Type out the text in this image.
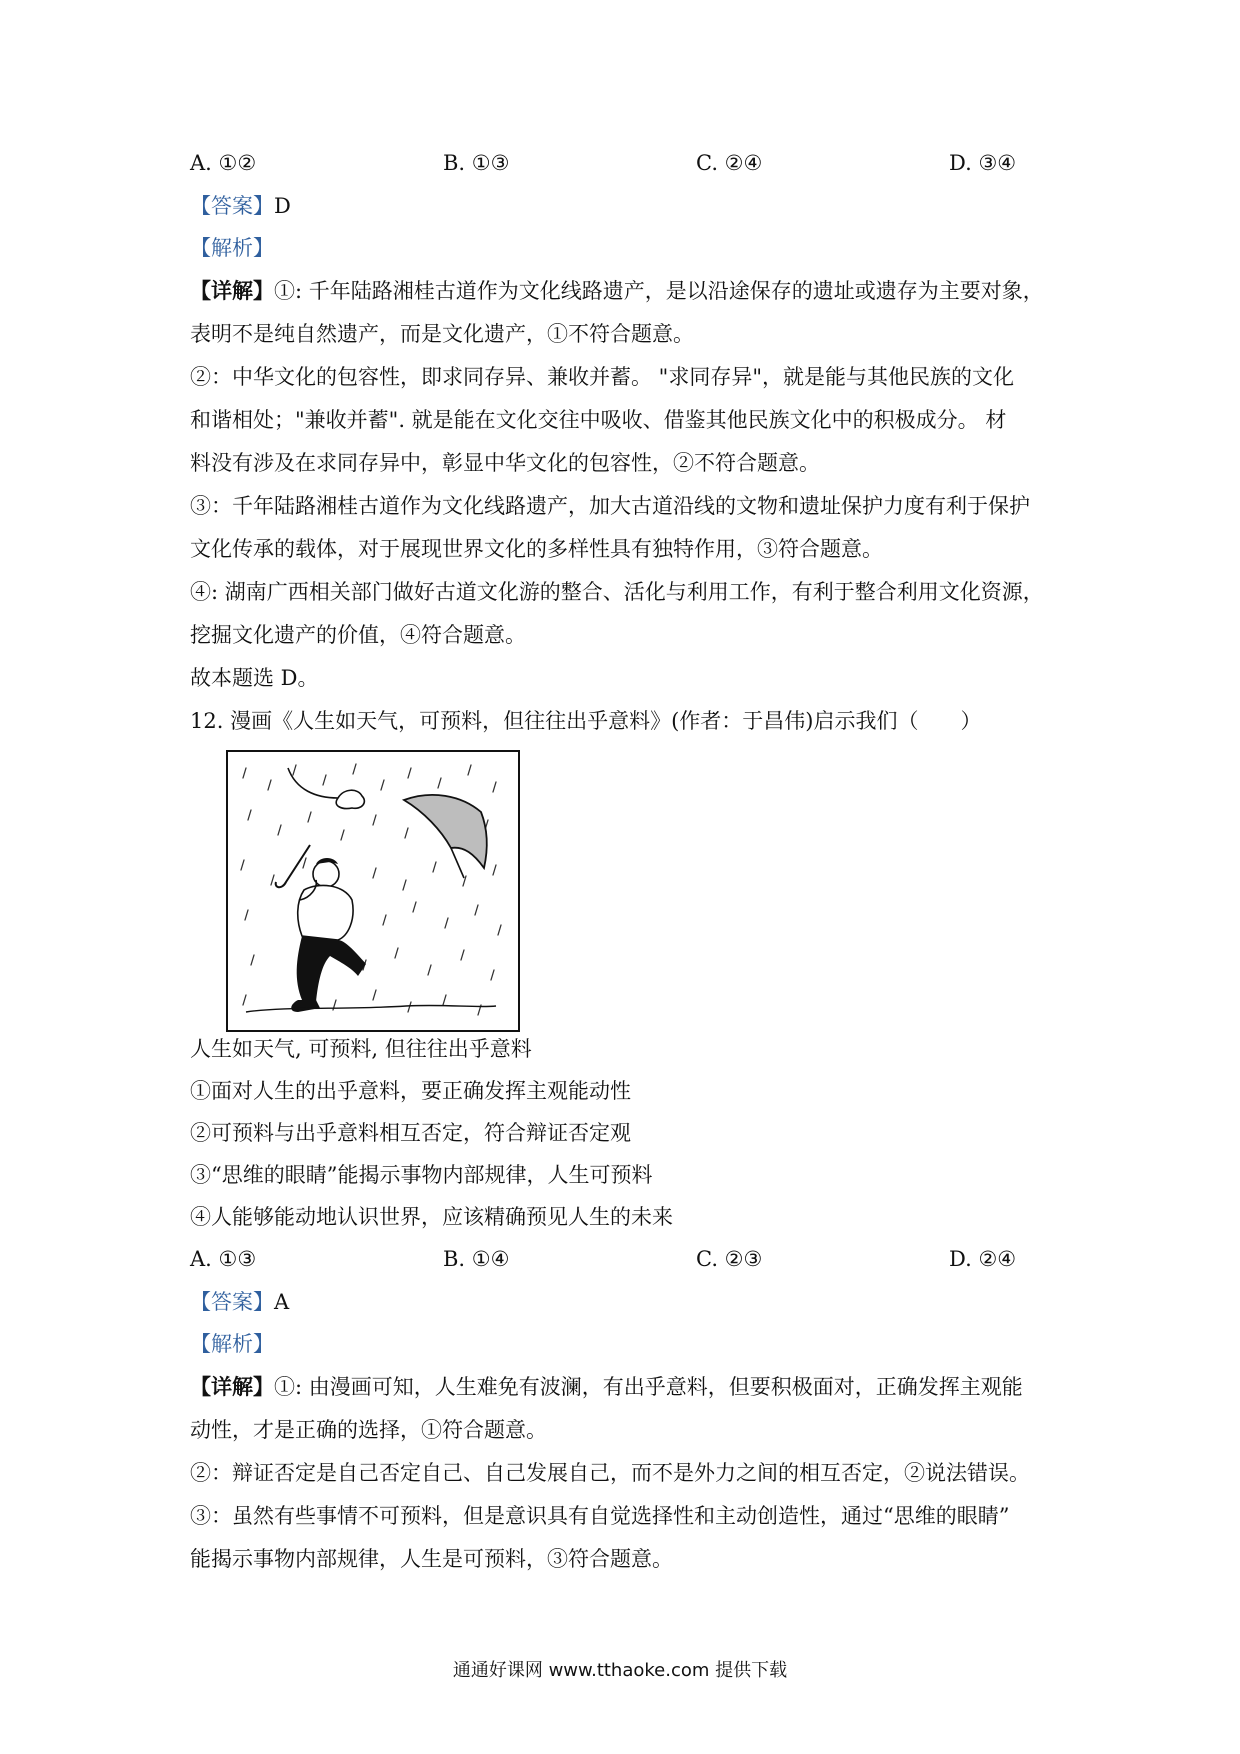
A. ①②	B. ①③	C. ②④	D. ③④
【答案】D
【解析】
【详解】①: 千年陆路湘桂古道作为文化线路遗产，是以沿途保存的遗址或遗存为主要对象，
表明不是纯自然遗产，而是文化遗产，①不符合题意。
②：中华文化的包容性，即求同存异、兼收并蓄。 "求同存异"，就是能与其他民族的文化
和谐相处；"兼收并蓄". 就是能在文化交往中吸收、借鉴其他民族文化中的积极成分。 材
料没有涉及在求同存异中，彰显中华文化的包容性，②不符合题意。
③：千年陆路湘桂古道作为文化线路遗产，加大古道沿线的文物和遗址保护力度有利于保护
文化传承的载体，对于展现世界文化的多样性具有独特作用，③符合题意。
④: 湖南广西相关部门做好古道文化游的整合、活化与利用工作，有利于整合利用文化资源，
挖掘文化遗产的价值，④符合题意。
故本题选 D。
12. 漫画《人生如天气，可预料，但往往出乎意料》(作者：于昌伟)启示我们（　　）
人生如天气, 可预料, 但往往出乎意料
①面对人生的出乎意料，要正确发挥主观能动性
②可预料与出乎意料相互否定，符合辩证否定观
③“思维的眼睛”能揭示事物内部规律，人生可预料
④人能够能动地认识世界，应该精确预见人生的未来
A. ①③	B. ①④	C. ②③	D. ②④
【答案】A
【解析】
【详解】①: 由漫画可知，人生难免有波澜，有出乎意料，但要积极面对，正确发挥主观能
动性，才是正确的选择，①符合题意。
②：辩证否定是自己否定自己、自己发展自己，而不是外力之间的相互否定，②说法错误。
③：虽然有些事情不可预料，但是意识具有自觉选择性和主动创造性，通过“思维的眼睛”
能揭示事物内部规律，人生是可预料，③符合题意。
通通好课网 www.tthaoke.com 提供下载
